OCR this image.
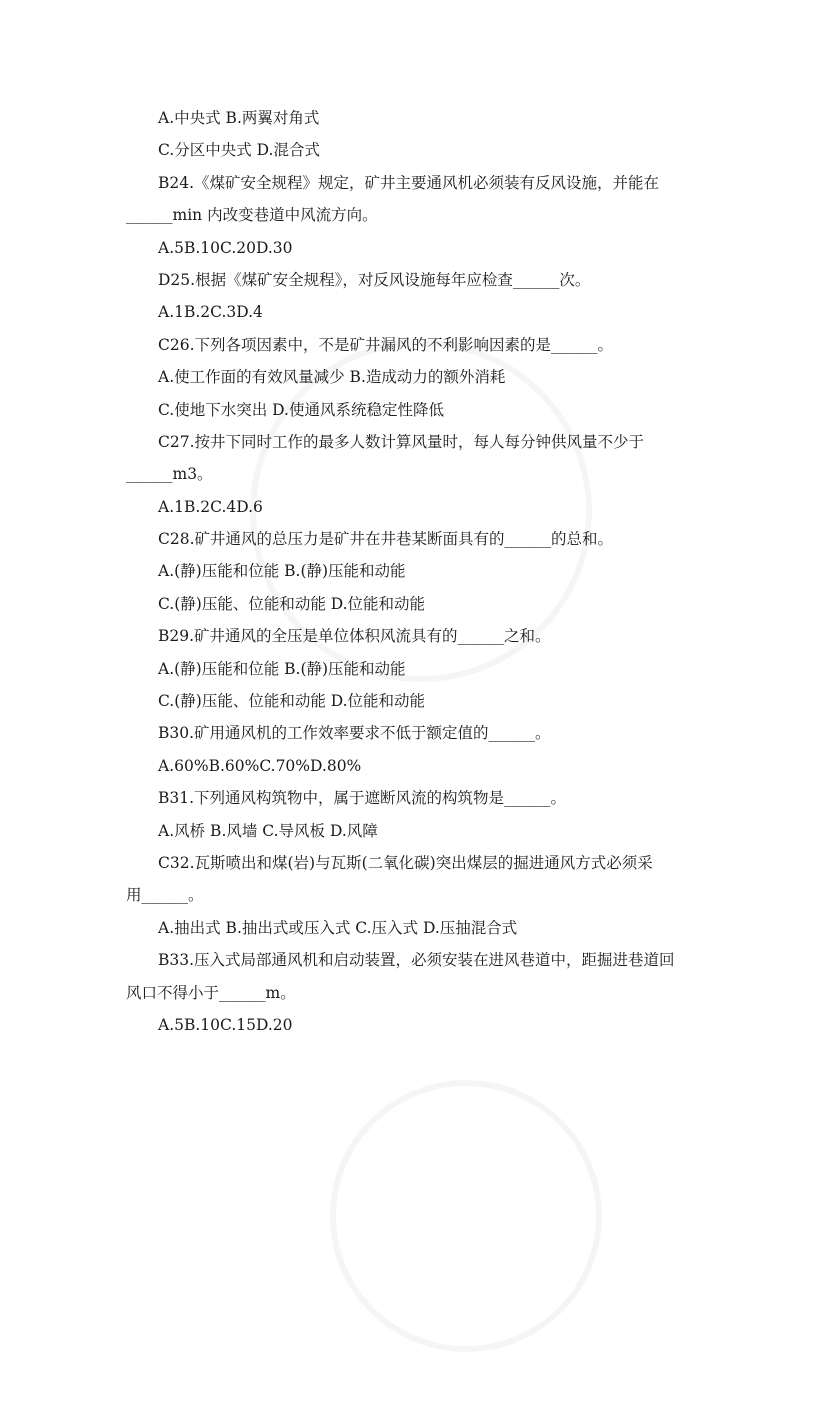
A.中央式 B.两翼对角式

C.分区中央式 D.混合式

B24.《煤矿安全规程》规定，矿井主要通风机必须装有反风设施，并能在

______min 内改变巷道中风流方向。

A.5B.10C.20D.30

D25.根据《煤矿安全规程》，对反风设施每年应检查______次。

A.1B.2C.3D.4

C26.下列各项因素中，不是矿井漏风的不利影响因素的是______。

A.使工作面的有效风量减少 B.造成动力的额外消耗

C.使地下水突出 D.使通风系统稳定性降低

C27.按井下同时工作的最多人数计算风量时，每人每分钟供风量不少于

______m3。

A.1B.2C.4D.6

C28.矿井通风的总压力是矿井在井巷某断面具有的______的总和。

A.(静)压能和位能 B.(静)压能和动能

C.(静)压能、位能和动能 D.位能和动能

B29.矿井通风的全压是单位体积风流具有的______之和。

A.(静)压能和位能 B.(静)压能和动能

C.(静)压能、位能和动能 D.位能和动能

B30.矿用通风机的工作效率要求不低于额定值的______。

A.60%B.60%C.70%D.80%

B31.下列通风构筑物中，属于遮断风流的构筑物是______。

A.风桥 B.风墙 C.导风板 D.风障

C32.瓦斯喷出和煤(岩)与瓦斯(二氧化碳)突出煤层的掘进通风方式必须采

用______。

A.抽出式 B.抽出式或压入式 C.压入式 D.压抽混合式

B33.压入式局部通风机和启动装置，必须安装在进风巷道中，距掘进巷道回

风口不得小于______m。

A.5B.10C.15D.20
